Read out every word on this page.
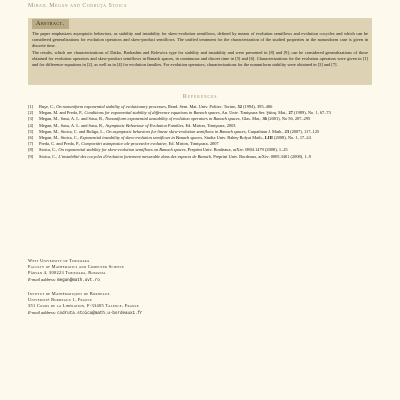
Mihail Megan and Codruţa Stoica
Abstract.

The paper emphasizes asymptotic behaviors, as stability and instability for skew-evolution semiflows, defined by means of evolution semiflows and evolution cocycles and which can be considered generalizations for evolution operators and skew-product semiflows. The unified treatment for the characterization of the studied properties in the nonuniform case is given in discrete time.

The results, which are characterizations of Datko, Barbashin and Rolewicz type for stability and instability and were presented in [8] and [9], can be considered generalizations of those obtained for evolution operators and skew-product semiflows in Banach spaces, in continuous and discret time in [5] and [6]. Characterizations for the evolution operators were given in [1] and for difference equations in [2], as well as in [4] for evolution families. For evolution operators, characterizations for the nonuniform stability were obtained in [3] and [7].

References
[1]	Buşe, C., On nonuniform exponential stability of evolutionary processes, Rend. Sem. Mat. Univ. Politec. Torino, 52 (1994), 395–406
[2]	Megan, M. and Preda, P., Conditions for exponential stability of difference equations in Banach spaces, An. Univ. Timişoara Ser. Ştiinţ. Mat., 27 (1989), No. 1, 67–73
[3]	Megan, M., Sasu, A. L. and Sasu, B., Nonuniform exponential unstability of evolution operators in Banach spaces, Glas. Mat., 36 (2001), No 56, 287–295
[4]	Megan, M., Sasu, A. L. and Sasu, B., Asymptotic Behaviour of Evolution Families, Ed. Mirton, Timişoara, 2003
[5]	Megan, M., Stoica, C. and Buliga, L., On asymptotic behaviors for linear skew-evolution semiflows in Banach spaces, Carpathian J. Math., 23 (2007), 117–125
[6]	Megan, M., Stoica, C., Exponential instability of skew-evolution semiflows in Banach spaces, Studia Univ. Babeş-Bolyai Math., LIII (2008), No. 1, 17–24
[7]	Preda, C. and Preda, P., Comportări asimptotice ale proceselor evolutive, Ed. Mirton, Timişoara, 2007
[8]	Stoica, C., On exponential stability for skew-evolution semiflows on Banach spaces, Preprint Univ. Bordeaux, arXiv: 0804.1479 (2008), 1–25
[9]	Stoica, C., L'instabilité des cocycles d'évolution fortement mesurable dans des espaces de Banach, Preprint Univ. Bordeaux, arXiv: 0805.3401 (2008), 1–9
West University of Timişoara
Faculty of Mathematics and Computer Science
Pârvan 4, 300223 Timişoara, Romania
E-mail address: megan@math.uvt.ro
Institut de Mathématiques de Bordeaux
Université Bordeaux 1, France
351 Cours de la Libération, F-33405 Talence, France
E-mail address: codruta.stoica@math.u-bordeaux1.fr
